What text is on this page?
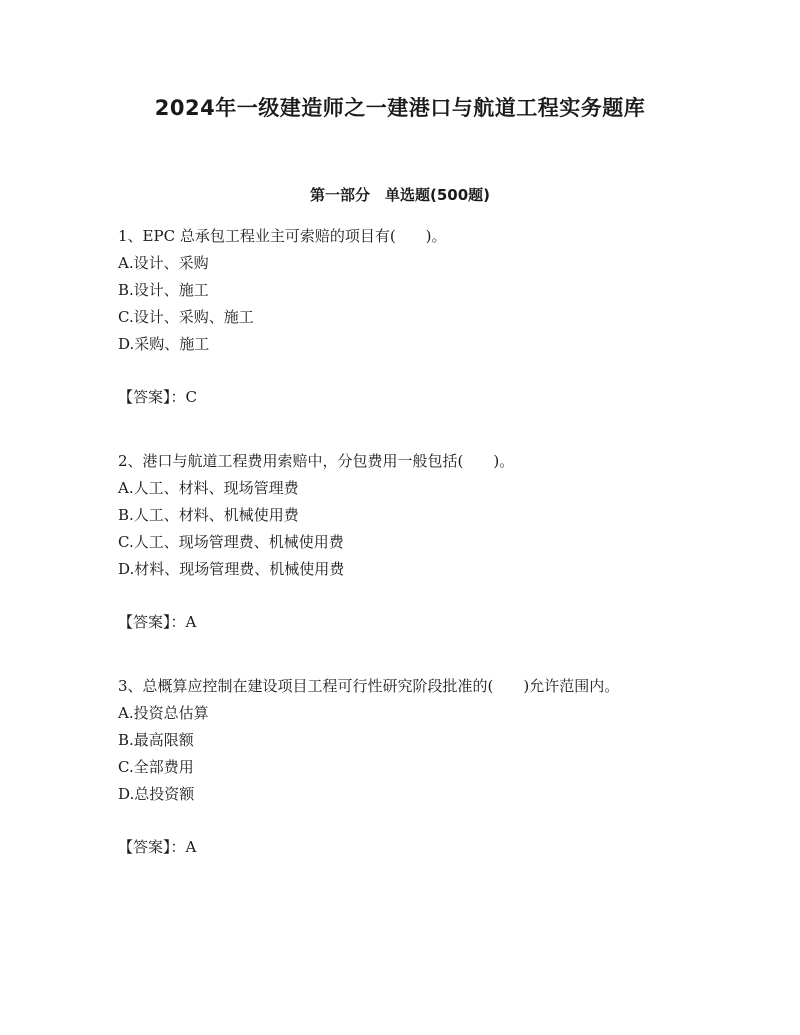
2024年一级建造师之一建港口与航道工程实务题库
第一部分　单选题(500题)

1、EPC 总承包工程业主可索赔的项目有(　　)。

A.设计、采购
B.设计、施工
C.设计、采购、施工
D.采购、施工
【答案】：C

2、港口与航道工程费用索赔中，分包费用一般包括(　　)。

A.人工、材料、现场管理费
B.人工、材料、机械使用费
C.人工、现场管理费、机械使用费
D.材料、现场管理费、机械使用费
【答案】：A

3、总概算应控制在建设项目工程可行性研究阶段批准的(　　)允许范围内。

A.投资总估算
B.最高限额
C.全部费用
D.总投资额
【答案】：A
